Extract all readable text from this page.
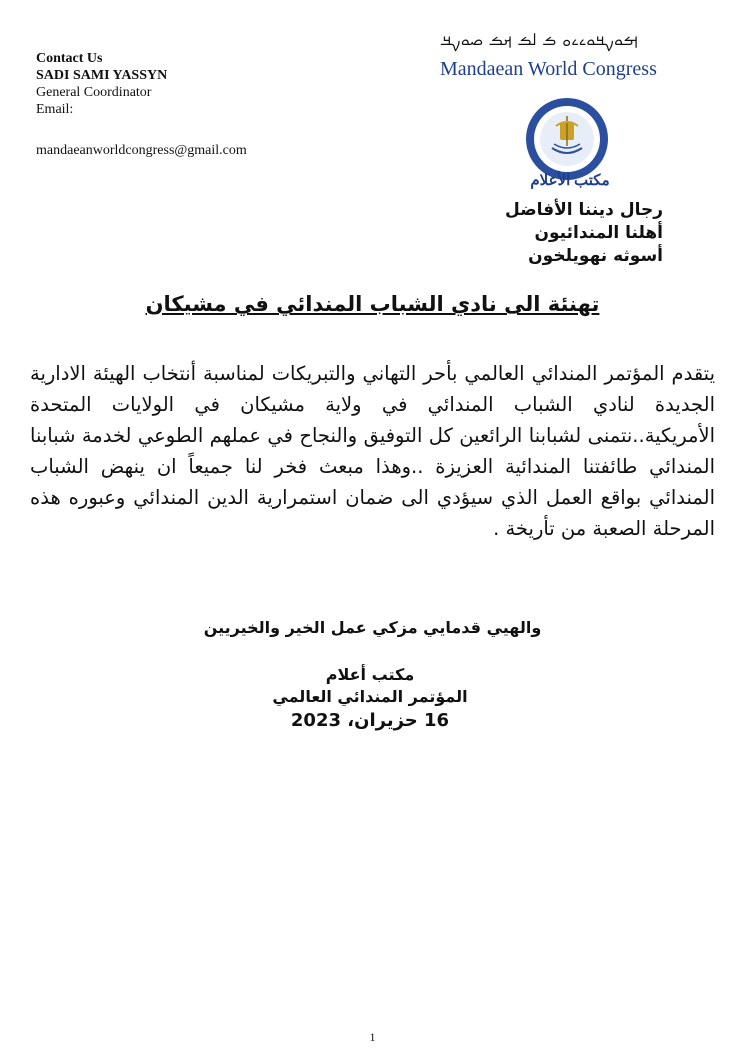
Contact Us
SADI SAMI YASSYN
General Coordinator
Email:
mandaeanworldcongress@gmail.com
ࡌࡀࡍࡃࡀࡉࡉࡀ ࡏ ࡋࡏ ࡕࡏ ࡎࡀࡍࡃ
Mandaean World Congress
مكتب الأعلام
رجال ديننا الأفاضل
أهلنا المندائيون
أسوثه نهويلخون
تهنئة الى نادي الشباب المندائي في مشيكان

يتقدم المؤتمر المندائي العالمي بأحر التهاني والتبريكات لمناسبة أنتخاب الهيئة الادارية الجديدة لنادي الشباب المندائي في ولاية مشيكان في الولايات المتحدة الأمريكية..نتمنى لشبابنا الرائعين كل التوفيق والنجاح في عملهم الطوعي لخدمة شبابنا المندائي طائفتنا المندائية العزيزة ..وهذا مبعث فخر لنا جميعاً ان ينهض الشباب المندائي بواقع العمل الذي سيؤدي الى ضمان استمرارية الدين المندائي وعبوره هذه المرحلة الصعبة من تأريخة .

والهيي قدمايي مزكي عمل الخير والخيريين
مكتب أعلام
المؤتمر المندائي العالمي
16 حزيران، 2023
1
